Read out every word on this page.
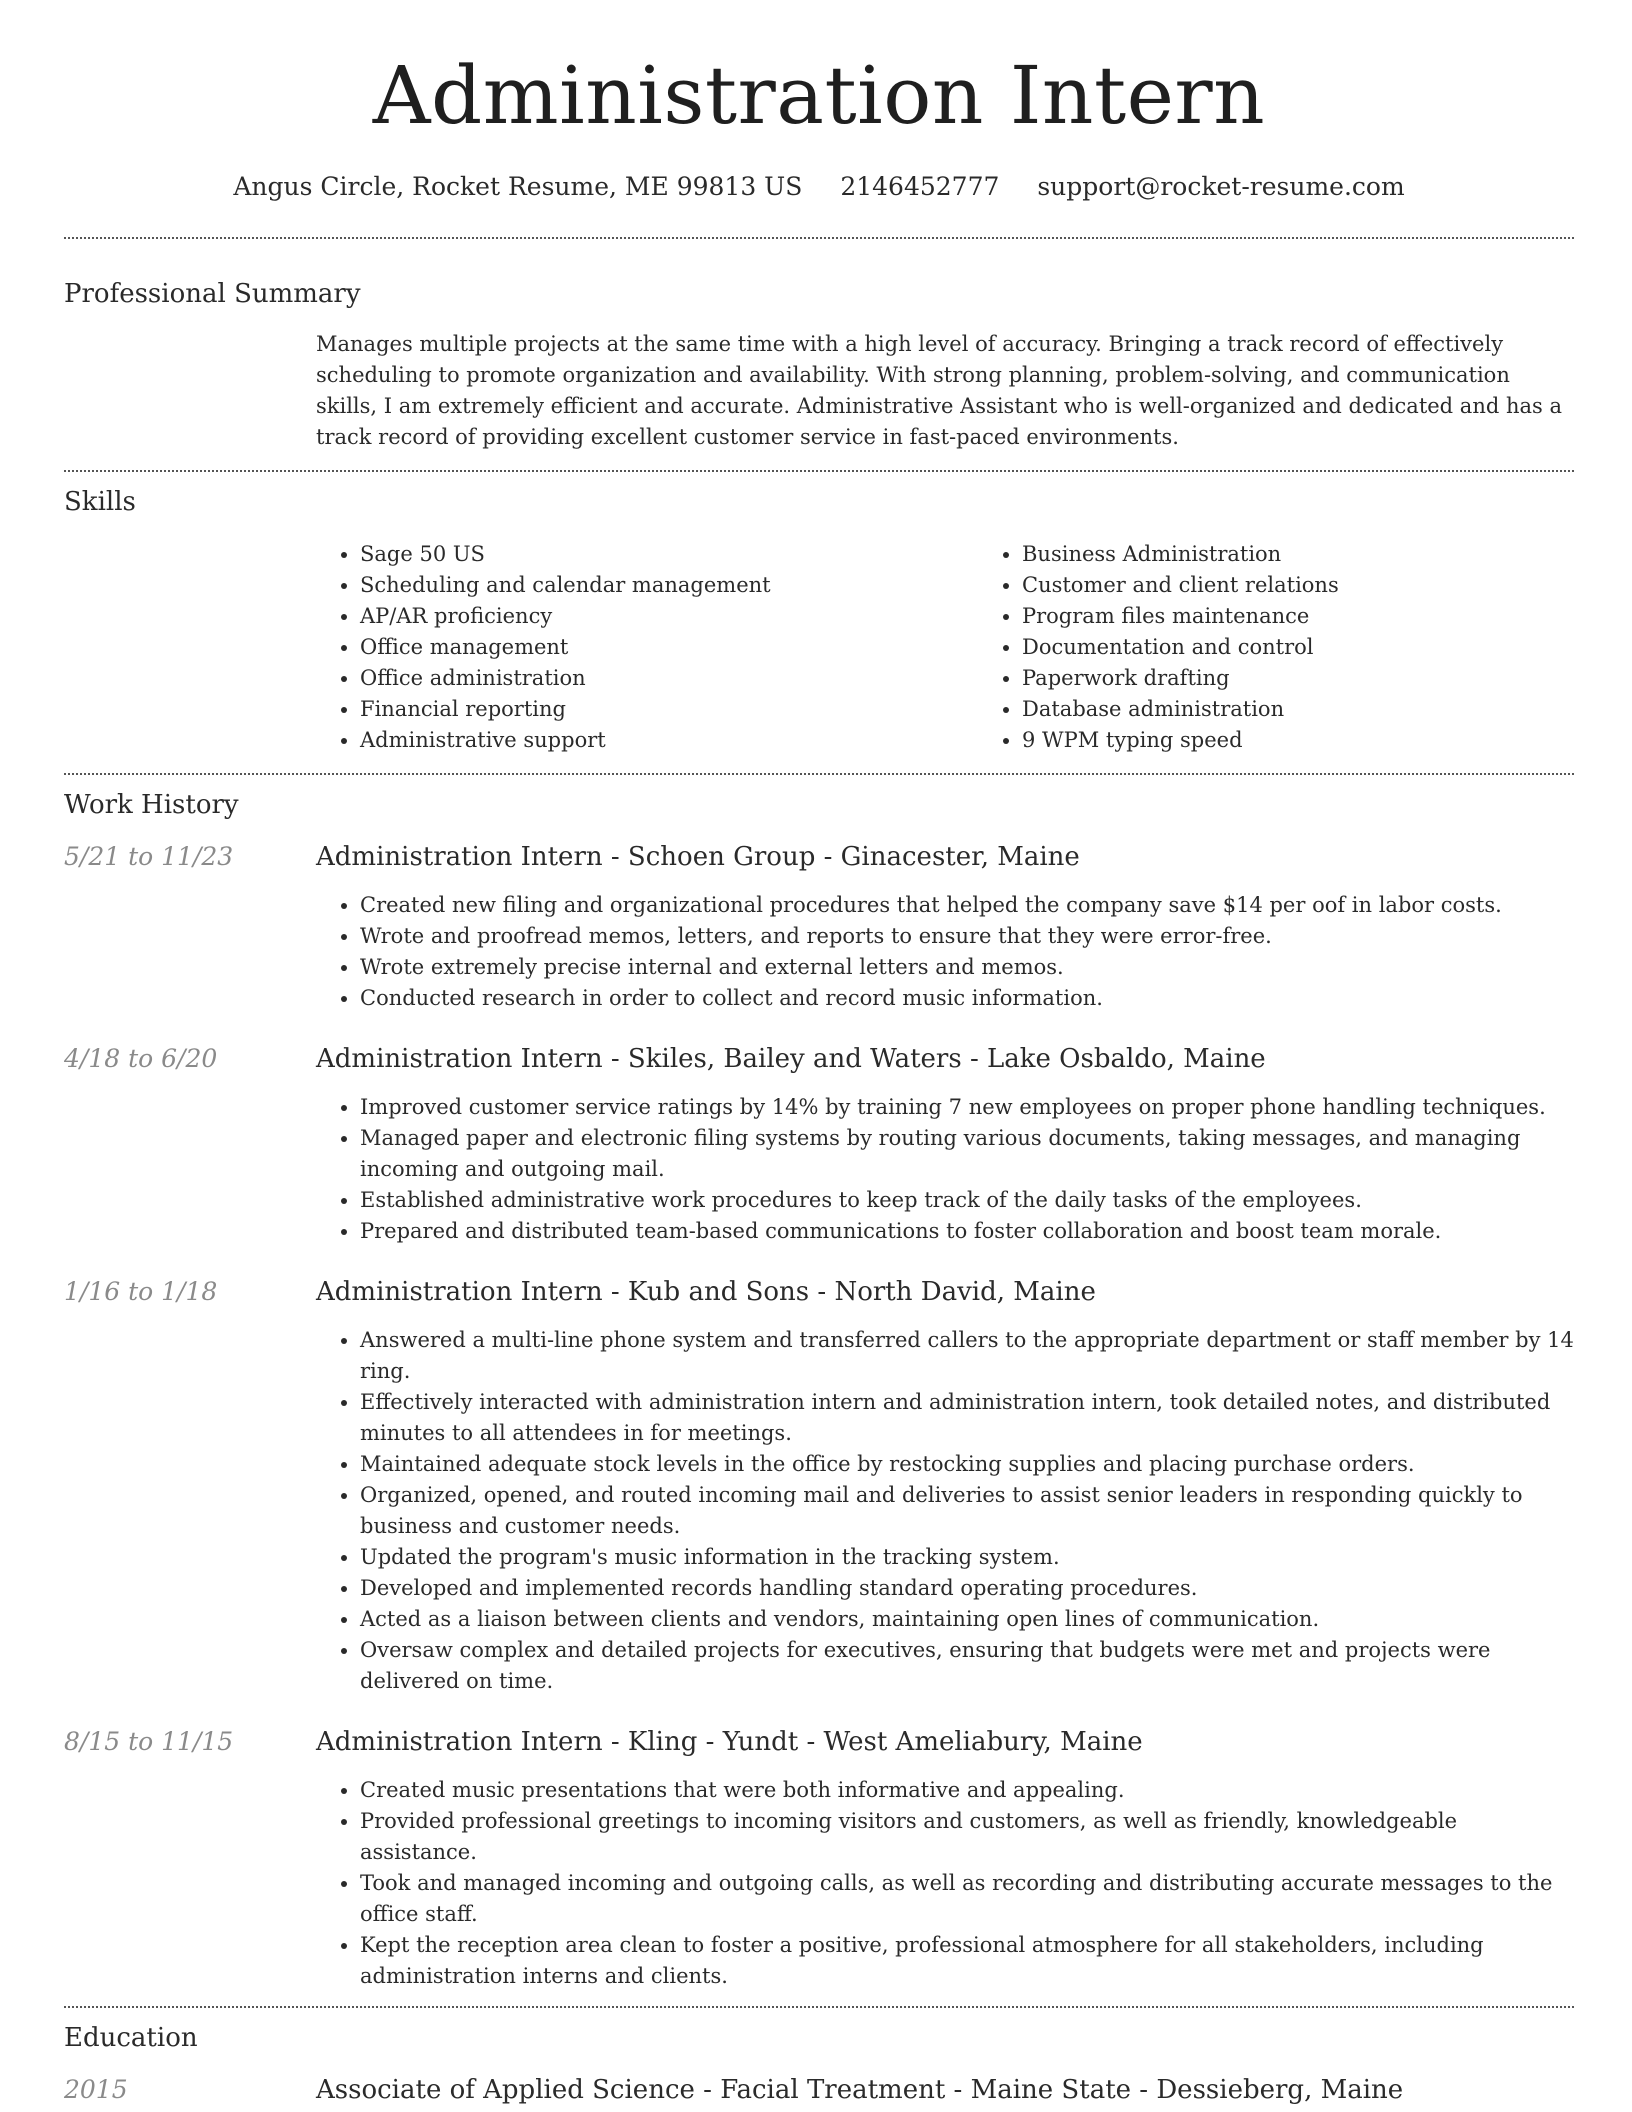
Administration Intern
Angus Circle, Rocket Resume, ME 99813 US 2146452777 support@rocket-resume.com
Professional Summary

Manages multiple projects at the same time with a high level of accuracy. Bringing a track record of effectively scheduling to promote organization and availability. With strong planning, problem-solving, and communication skills, I am extremely efficient and accurate. Administrative Assistant who is well-organized and dedicated and has a track record of providing excellent customer service in fast-paced environments.

Skills
• Sage 50 US
• Scheduling and calendar management
• AP/AR proficiency
• Office management
• Office administration
• Financial reporting
• Administrative support
• Business Administration
• Customer and client relations
• Program files maintenance
• Documentation and control
• Paperwork drafting
• Database administration
• 9 WPM typing speed
Work History
5/21 to 11/23	Administration Intern - Schoen Group - Ginacester, Maine
• Created new filing and organizational procedures that helped the company save $14 per oof in labor costs.
• Wrote and proofread memos, letters, and reports to ensure that they were error-free.
• Wrote extremely precise internal and external letters and memos.
• Conducted research in order to collect and record music information.
4/18 to 6/20	Administration Intern - Skiles, Bailey and Waters - Lake Osbaldo, Maine
• Improved customer service ratings by 14% by training 7 new employees on proper phone handling techniques.
• Managed paper and electronic filing systems by routing various documents, taking messages, and managing incoming and outgoing mail.
• Established administrative work procedures to keep track of the daily tasks of the employees.
• Prepared and distributed team-based communications to foster collaboration and boost team morale.
1/16 to 1/18	Administration Intern - Kub and Sons - North David, Maine
• Answered a multi-line phone system and transferred callers to the appropriate department or staff member by 14 ring.
• Effectively interacted with administration intern and administration intern, took detailed notes, and distributed minutes to all attendees in for meetings.
• Maintained adequate stock levels in the office by restocking supplies and placing purchase orders.
• Organized, opened, and routed incoming mail and deliveries to assist senior leaders in responding quickly to business and customer needs.
• Updated the program's music information in the tracking system.
• Developed and implemented records handling standard operating procedures.
• Acted as a liaison between clients and vendors, maintaining open lines of communication.
• Oversaw complex and detailed projects for executives, ensuring that budgets were met and projects were delivered on time.
8/15 to 11/15	Administration Intern - Kling - Yundt - West Ameliabury, Maine
• Created music presentations that were both informative and appealing.
• Provided professional greetings to incoming visitors and customers, as well as friendly, knowledgeable assistance.
• Took and managed incoming and outgoing calls, as well as recording and distributing accurate messages to the office staff.
• Kept the reception area clean to foster a positive, professional atmosphere for all stakeholders, including administration interns and clients.
Education
2015	Associate of Applied Science - Facial Treatment - Maine State - Dessieberg, Maine
